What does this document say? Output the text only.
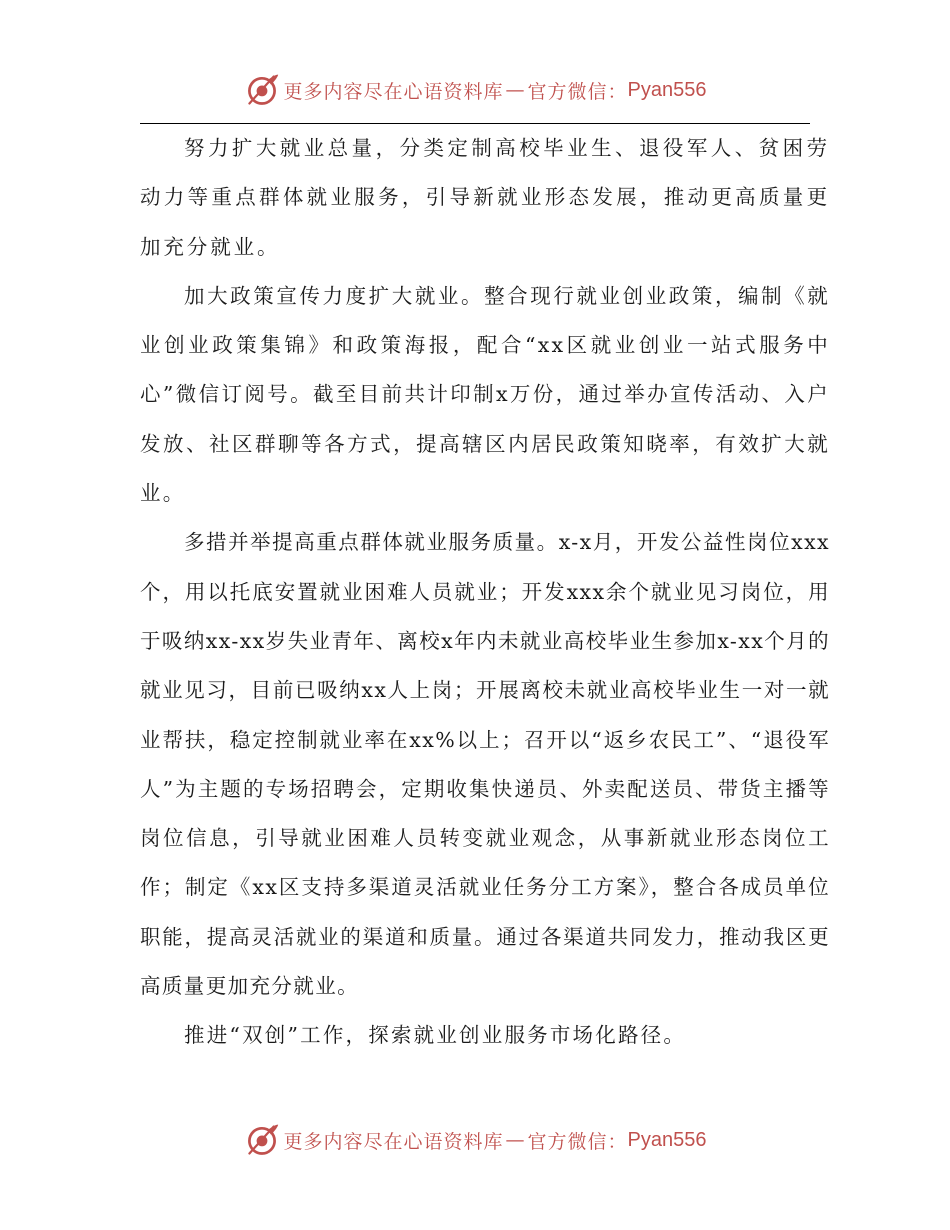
更多内容尽在心语资料库 — 官方微信： Pyan556

努力扩大就业总量，分类定制高校毕业生、退役军人、贫困劳动力等重点群体就业服务，引导新就业形态发展，推动更高质量更加充分就业。

加大政策宣传力度扩大就业。整合现行就业创业政策，编制《就业创业政策集锦》和政策海报，配合“xx区就业创业一站式服务中心”微信订阅号。截至目前共计印制x万份，通过举办宣传活动、入户发放、社区群聊等各方式，提高辖区内居民政策知晓率，有效扩大就业。

多措并举提高重点群体就业服务质量。x-x月，开发公益性岗位xxx个，用以托底安置就业困难人员就业；开发xxx余个就业见习岗位，用于吸纳xx-xx岁失业青年、离校x年内未就业高校毕业生参加x-xx个月的就业见习，目前已吸纳xx人上岗；开展离校未就业高校毕业生一对一就业帮扶，稳定控制就业率在xx%以上；召开以“返乡农民工”、“退役军人”为主题的专场招聘会，定期收集快递员、外卖配送员、带货主播等岗位信息，引导就业困难人员转变就业观念，从事新就业形态岗位工作；制定《xx区支持多渠道灵活就业任务分工方案》，整合各成员单位职能，提高灵活就业的渠道和质量。通过各渠道共同发力，推动我区更高质量更加充分就业。

推进“双创”工作，探索就业创业服务市场化路径。

更多内容尽在心语资料库 — 官方微信： Pyan556
